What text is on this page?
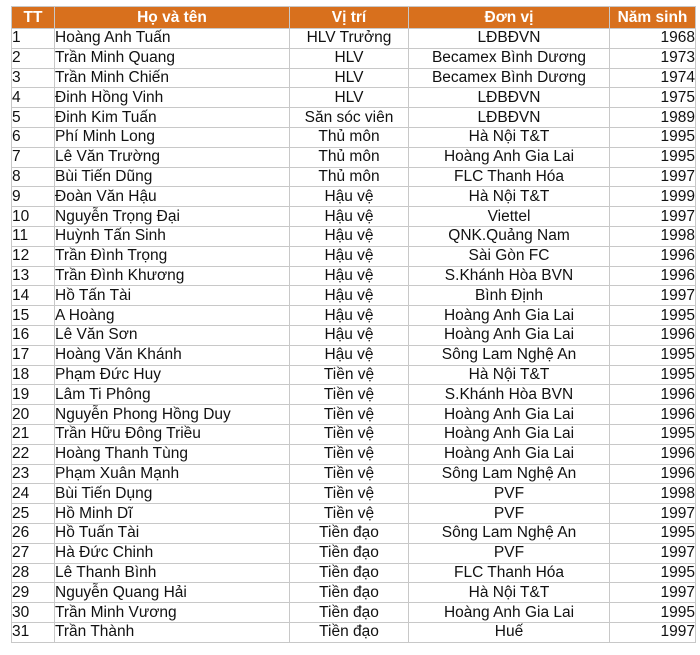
TT	Họ và tên	Vị trí	Đơn vị	Năm sinh
1	Hoàng Anh Tuấn	HLV Trưởng	LĐBĐVN	1968
2	Trần Minh Quang	HLV	Becamex Bình Dương	1973
3	Trần Minh Chiến	HLV	Becamex Bình Dương	1974
4	Đinh Hồng Vinh	HLV	LĐBĐVN	1975
5	Đinh Kim Tuấn	Săn sóc viên	LĐBĐVN	1989
6	Phí Minh Long	Thủ môn	Hà Nội T&T	1995
7	Lê Văn Trường	Thủ môn	Hoàng Anh Gia Lai	1995
8	Bùi Tiến Dũng	Thủ môn	FLC Thanh Hóa	1997
9	Đoàn Văn Hậu	Hậu vệ	Hà Nội T&T	1999
10	Nguyễn Trọng Đại	Hậu vệ	Viettel	1997
11	Huỳnh Tấn Sinh	Hậu vệ	QNK.Quảng Nam	1998
12	Trần Đình Trọng	Hậu vệ	Sài Gòn FC	1996
13	Trần Đình Khương	Hậu vệ	S.Khánh Hòa BVN	1996
14	Hồ Tấn Tài	Hậu vệ	Bình Định	1997
15	A Hoàng	Hậu vệ	Hoàng Anh Gia Lai	1995
16	Lê Văn Sơn	Hậu vệ	Hoàng Anh Gia Lai	1996
17	Hoàng Văn Khánh	Hậu vệ	Sông Lam Nghệ An	1995
18	Phạm Đức Huy	Tiền vệ	Hà Nội T&T	1995
19	Lâm Ti Phông	Tiền vệ	S.Khánh Hòa BVN	1996
20	Nguyễn Phong Hồng Duy	Tiền vệ	Hoàng Anh Gia Lai	1996
21	Trần Hữu Đông Triều	Tiền vệ	Hoàng Anh Gia Lai	1995
22	Hoàng Thanh Tùng	Tiền vệ	Hoàng Anh Gia Lai	1996
23	Phạm Xuân Mạnh	Tiền vệ	Sông Lam Nghệ An	1996
24	Bùi Tiến Dụng	Tiền vệ	PVF	1998
25	Hồ Minh Dĩ	Tiền vệ	PVF	1997
26	Hồ Tuấn Tài	Tiền đạo	Sông Lam Nghệ An	1995
27	Hà Đức Chinh	Tiền đạo	PVF	1997
28	Lê Thanh Bình	Tiền đạo	FLC Thanh Hóa	1995
29	Nguyễn Quang Hải	Tiền đạo	Hà Nội T&T	1997
30	Trần Minh Vương	Tiền đạo	Hoàng Anh Gia Lai	1995
31	Trần Thành	Tiền đạo	Huế	1997
